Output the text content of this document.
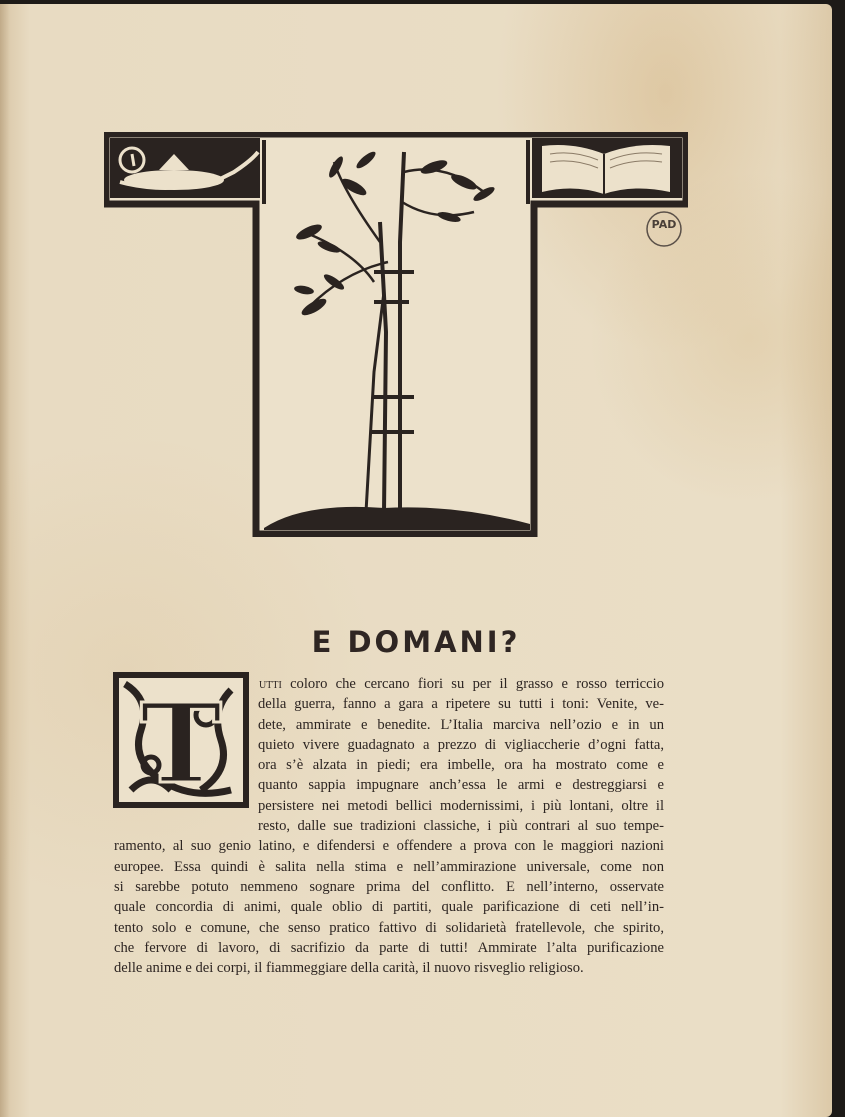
PAD
E DOMANI?
T	utti coloro che cercano fiori su per il grasso e rosso terriccio
della guerra, fanno a gara a ripetere su tutti i toni: Venite, ve-
dete, ammirate e benedite. L’Italia marciva nell’ozio e in un
quieto vivere guadagnato a prezzo di vigliaccherie d’ogni fatta,
ora s’è alzata in piedi; era imbelle, ora ha mostrato come e
quanto sappia impugnare anch’essa le armi e destreggiarsi e
persistere nei metodi bellici modernissimi, i più lontani, oltre il
resto, dalle sue tradizioni classiche, i più contrari al suo tempe-
ramento, al suo genio latino, e difendersi e offendere a prova con le maggiori nazioni
europee. Essa quindi è salita nella stima e nell’ammirazione universale, come non
si sarebbe potuto nemmeno sognare prima del conflitto. E nell’interno, osservate
quale concordia di animi, quale oblio di partiti, quale parificazione di ceti nell’in-
tento solo e comune, che senso pratico fattivo di solidarietà fratellevole, che spirito,
che fervore di lavoro, di sacrifizio da parte di tutti! Ammirate l’alta purificazione
delle anime e dei corpi, il fiammeggiare della carità, il nuovo risveglio religioso.
